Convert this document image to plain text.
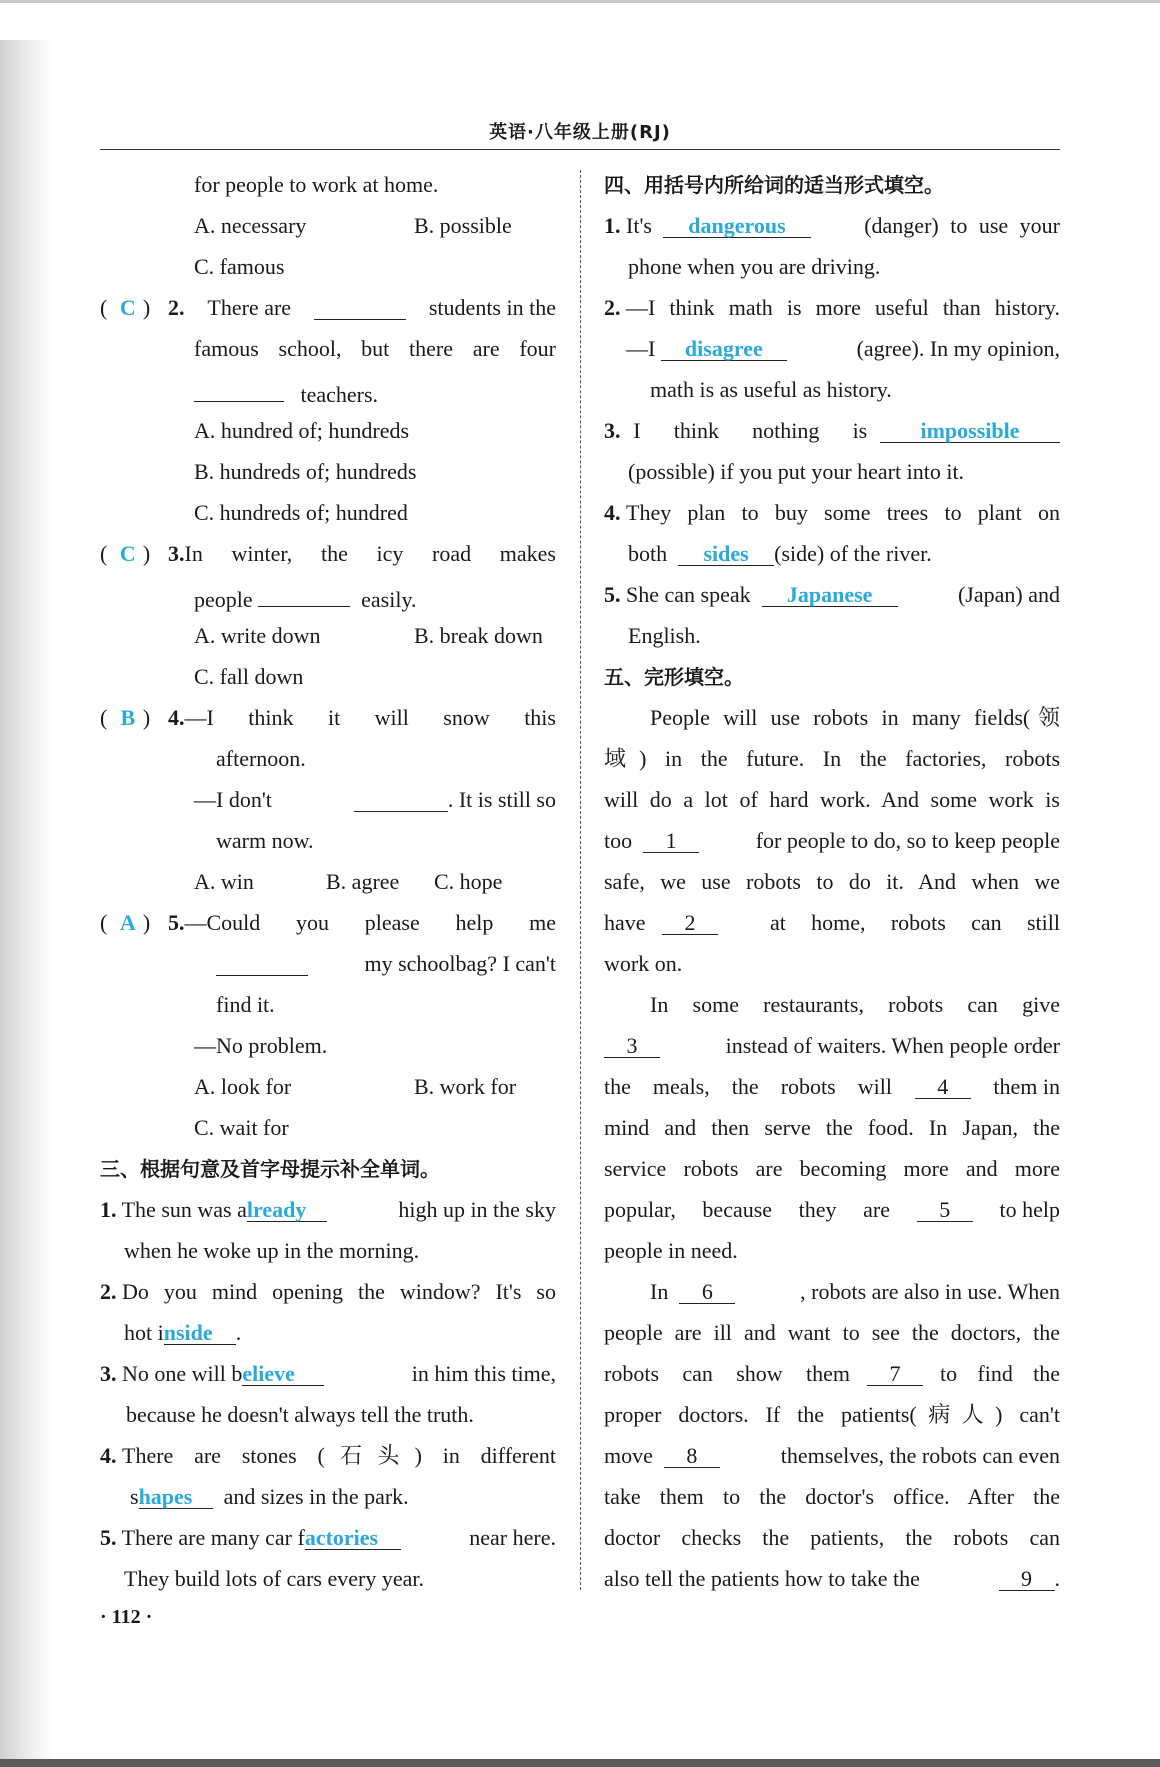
英语·八年级上册(RJ)
for people to work at home.
A. necessary	B. possible
C. famous
( C ) 2. There are	students in the
famous school, but there are four
teachers.
A. hundred of; hundreds
B. hundreds of; hundreds
C. hundreds of; hundred
( C ) 3. In winter, the icy road makes
people	easily.
A. write down	B. break down
C. fall down
( B ) 4. —I think it will snow this
afternoon.
—I don't	. It is still so
warm now.
A. win	B. agree C. hope
( A ) 5. —Could you please help me
my schoolbag? I can't
find it.
—No problem.
A. look for	B. work for
C. wait for
三、根据句意及首字母提示补全单词。
1. The sun was already	high up in the sky
when he woke up in the morning.
2.
Do you mind opening the window? It's so
hot inside .
3. No one will believe	in him this time,
because he doesn't always tell the truth.
4.
There are stones (石头) in different
shapes and sizes in the park.
5. There are many car factories	near here.
They build lots of cars every year.
· 112 ·
四、用括号内所给词的适当形式填空。
1. It's dangerous	(danger) to use your
phone when you are driving.
2.
—I think math is more useful than history.
—I disagree	(agree). In my opinion,
math is as useful as history.
3. I think nothing is	impossible
(possible) if you put your heart into it.
4.
They plan to buy some trees to plant on
both sides (side) of the river.
5. She can speak Japanese	(Japan) and
English.
五、完形填空。
People will use robots in many fields(领
域) in the future. In the factories, robots
will do a lot of hard work. And some work is
too 1	for people to do, so to keep people
safe, we use robots to do it. And when we
have 2	at home, robots can still
work on.
In some restaurants, robots can give
3	instead of waiters. When people order
the meals, the robots will	4	them in
mind and then serve the food. In Japan, the
service robots are becoming more and more
popular, because they are	5	to help
people in need.
In 6	, robots are also in use. When
people are ill and want to see the doctors, the
robots can show them	7	to find the
proper doctors. If the patients(病人) can't
move 8	themselves, the robots can even
take them to the doctor's office. After the
doctor checks the patients, the robots can
also tell the patients how to take the	9 .
